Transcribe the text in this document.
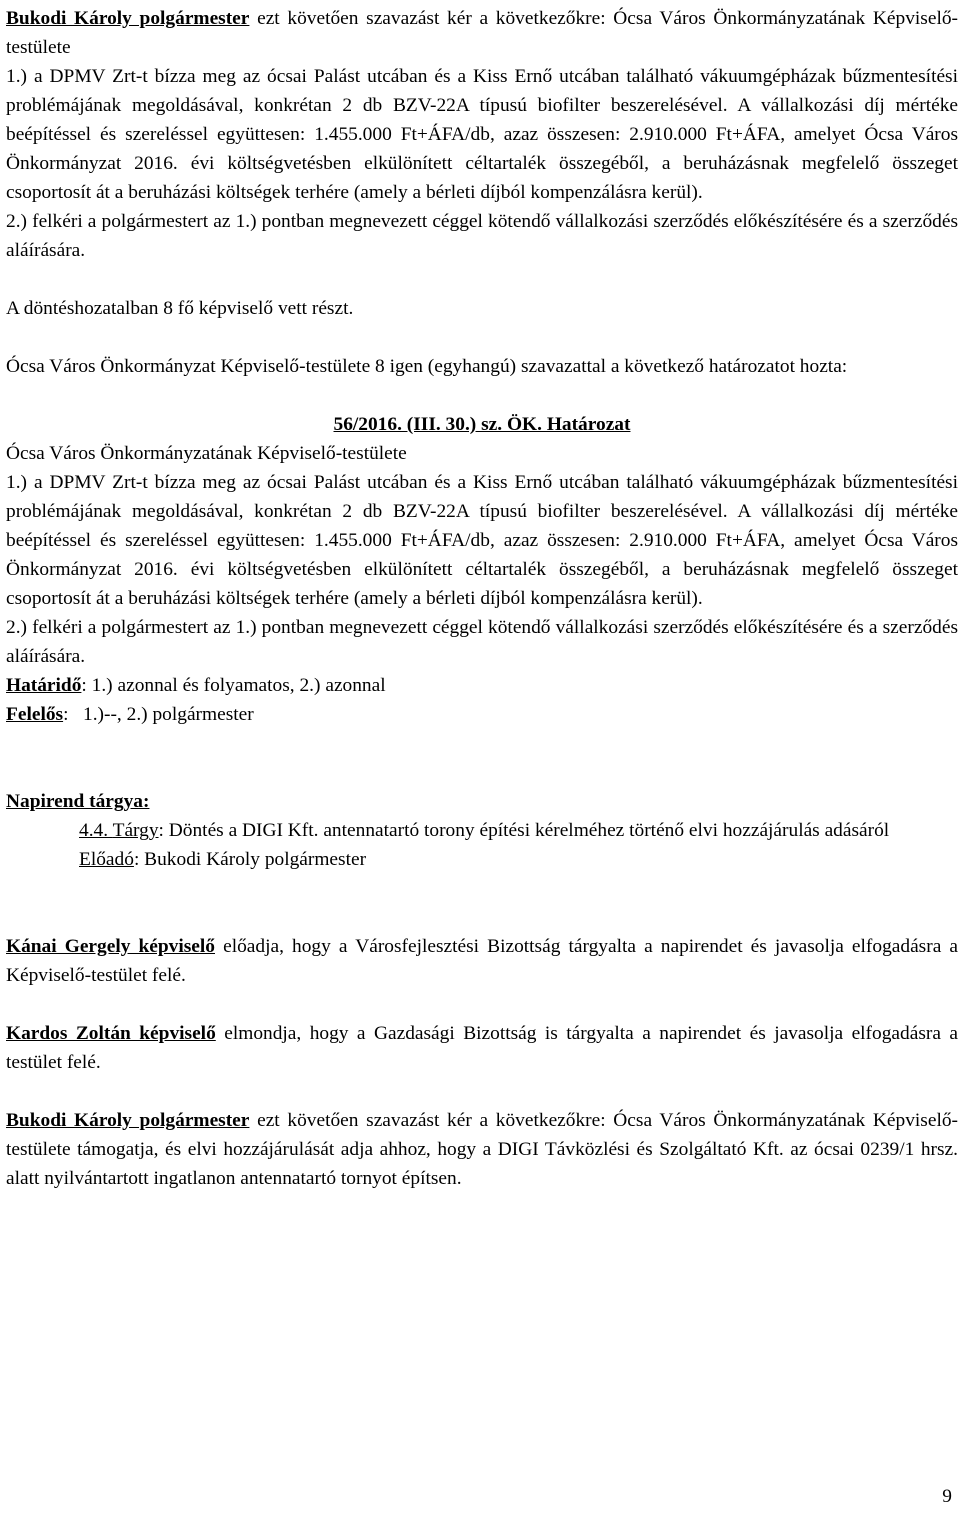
Bukodi Károly polgármester ezt követően szavazást kér a következőkre: Ócsa Város Önkormányzatának Képviselő-testülete

1.) a DPMV Zrt-t bízza meg az ócsai Palást utcában és a Kiss Ernő utcában található vákuumgépházak bűzmentesítési problémájának megoldásával, konkrétan 2 db BZV-22A típusú biofilter beszerelésével. A vállalkozási díj mértéke beépítéssel és szereléssel együttesen: 1.455.000 Ft+ÁFA/db, azaz összesen: 2.910.000 Ft+ÁFA, amelyet Ócsa Város Önkormányzat 2016. évi költségvetésben elkülönített céltartalék összegéből, a beruházásnak megfelelő összeget csoportosít át a beruházási költségek terhére (amely a bérleti díjból kompenzálásra kerül).

2.) felkéri a polgármestert az 1.) pontban megnevezett céggel kötendő vállalkozási szerződés előkészítésére és a szerződés aláírására.

A döntéshozatalban 8 fő képviselő vett részt.

Ócsa Város Önkormányzat Képviselő-testülete 8 igen (egyhangú) szavazattal a következő határozatot hozta:

56/2016. (III. 30.) sz. ÖK. Határozat

Ócsa Város Önkormányzatának Képviselő-testülete

1.) a DPMV Zrt-t bízza meg az ócsai Palást utcában és a Kiss Ernő utcában található vákuumgépházak bűzmentesítési problémájának megoldásával, konkrétan 2 db BZV-22A típusú biofilter beszerelésével. A vállalkozási díj mértéke beépítéssel és szereléssel együttesen: 1.455.000 Ft+ÁFA/db, azaz összesen: 2.910.000 Ft+ÁFA, amelyet Ócsa Város Önkormányzat 2016. évi költségvetésben elkülönített céltartalék összegéből, a beruházásnak megfelelő összeget csoportosít át a beruházási költségek terhére (amely a bérleti díjból kompenzálásra kerül).

2.) felkéri a polgármestert az 1.) pontban megnevezett céggel kötendő vállalkozási szerződés előkészítésére és a szerződés aláírására.

Határidő: 1.) azonnal és folyamatos, 2.) azonnal

Felelős:   1.)--, 2.) polgármester

Napirend tárgya:

4.4. Tárgy: Döntés a DIGI Kft. antennatartó torony építési kérelméhez történő elvi hozzájárulás adásáról

Előadó: Bukodi Károly polgármester

Kánai Gergely képviselő előadja, hogy a Városfejlesztési Bizottság tárgyalta a napirendet és javasolja elfogadásra a Képviselő-testület felé.

Kardos Zoltán képviselő elmondja, hogy a Gazdasági Bizottság is tárgyalta a napirendet és javasolja elfogadásra a testület felé.

Bukodi Károly polgármester ezt követően szavazást kér a következőkre: Ócsa Város Önkormányzatának Képviselő-testülete támogatja, és elvi hozzájárulását adja ahhoz, hogy a DIGI Távközlési és Szolgáltató Kft. az ócsai 0239/1 hrsz. alatt nyilvántartott ingatlanon antennatartó tornyot építsen.

9
